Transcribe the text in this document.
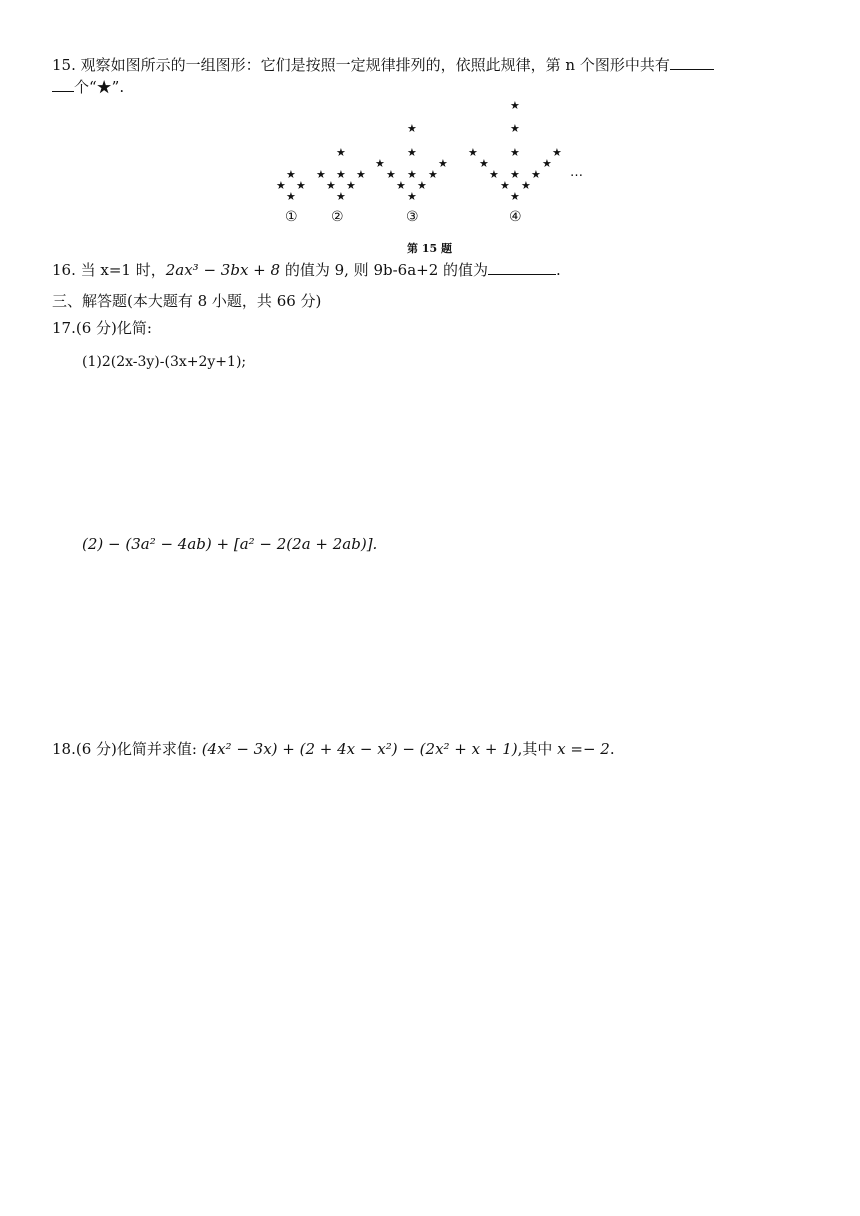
15. 观察如图所示的一组图形：它们是按照一定规律排列的，依照此规律，第 n 个图形中共有
个“★”.
★
★
★
★
★
★
★
★
★
★
★
★
★
★
★
★
★
★
★
★
★
★
★
★
★
★
★
★
★
★
★
★
★
★
① ②	③	④
…
第 15 题
16. 当 x=1 时，2ax³ − 3bx + 8 的值为 9, 则 9b-6a+2 的值为	.
三、解答题(本大题有 8 小题，共 66 分)
17.(6 分)化简:
(1)2(2x-3y)-(3x+2y+1);
(2) − (3a² − 4ab) + [a² − 2(2a + 2ab)].
18.(6 分)化简并求值: (4x² − 3x) + (2 + 4x − x²) − (2x² + x + 1),其中 x =− 2.
